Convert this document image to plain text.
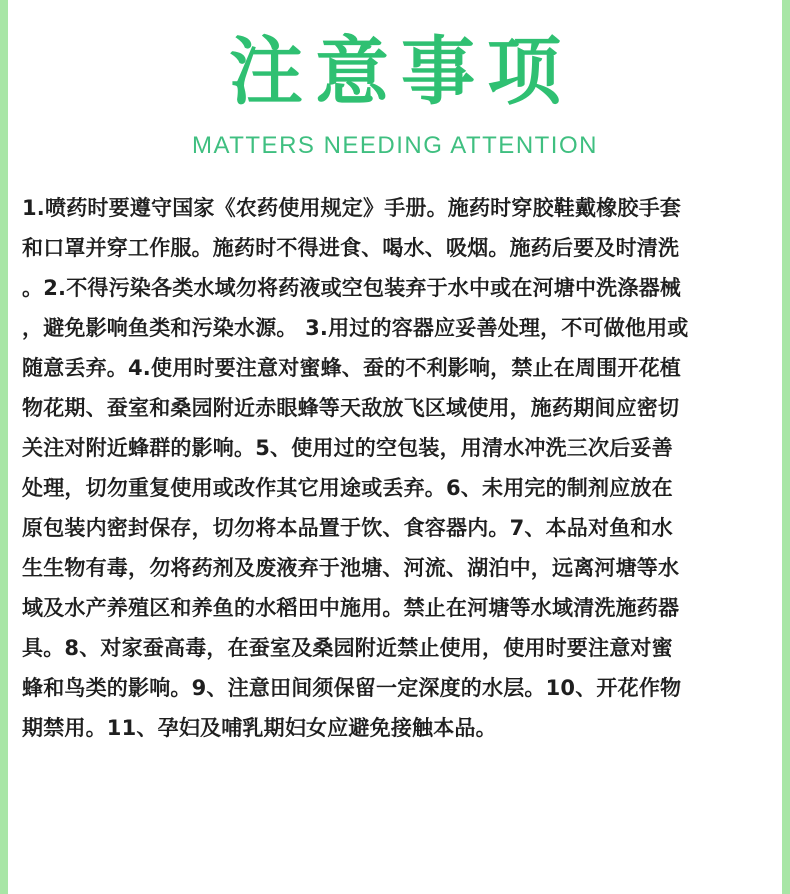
注意事项
MATTERS NEEDING ATTENTION
1.喷药时要遵守国家《农药使用规定》手册。施药时穿胶鞋戴橡胶手套
和口罩并穿工作服。施药时不得进食、喝水、吸烟。施药后要及时清洗
。2.不得污染各类水域勿将药液或空包装弃于水中或在河塘中洗涤器械
，避免影响鱼类和污染水源。 3.用过的容器应妥善处理，不可做他用或
随意丢弃。4.使用时要注意对蜜蜂、蚕的不利影响，禁止在周围开花植
物花期、蚕室和桑园附近赤眼蜂等天敌放飞区域使用，施药期间应密切
关注对附近蜂群的影响。5、使用过的空包装，用清水冲洗三次后妥善
处理，切勿重复使用或改作其它用途或丢弃。6、未用完的制剂应放在
原包装内密封保存，切勿将本品置于饮、食容器内。7、本品对鱼和水
生生物有毒，勿将药剂及废液弃于池塘、河流、湖泊中，远离河塘等水
域及水产养殖区和养鱼的水稻田中施用。禁止在河塘等水域清洗施药器
具。8、对家蚕高毒，在蚕室及桑园附近禁止使用，使用时要注意对蜜
蜂和鸟类的影响。9、注意田间须保留一定深度的水层。10、开花作物
期禁用。11、孕妇及哺乳期妇女应避免接触本品。
